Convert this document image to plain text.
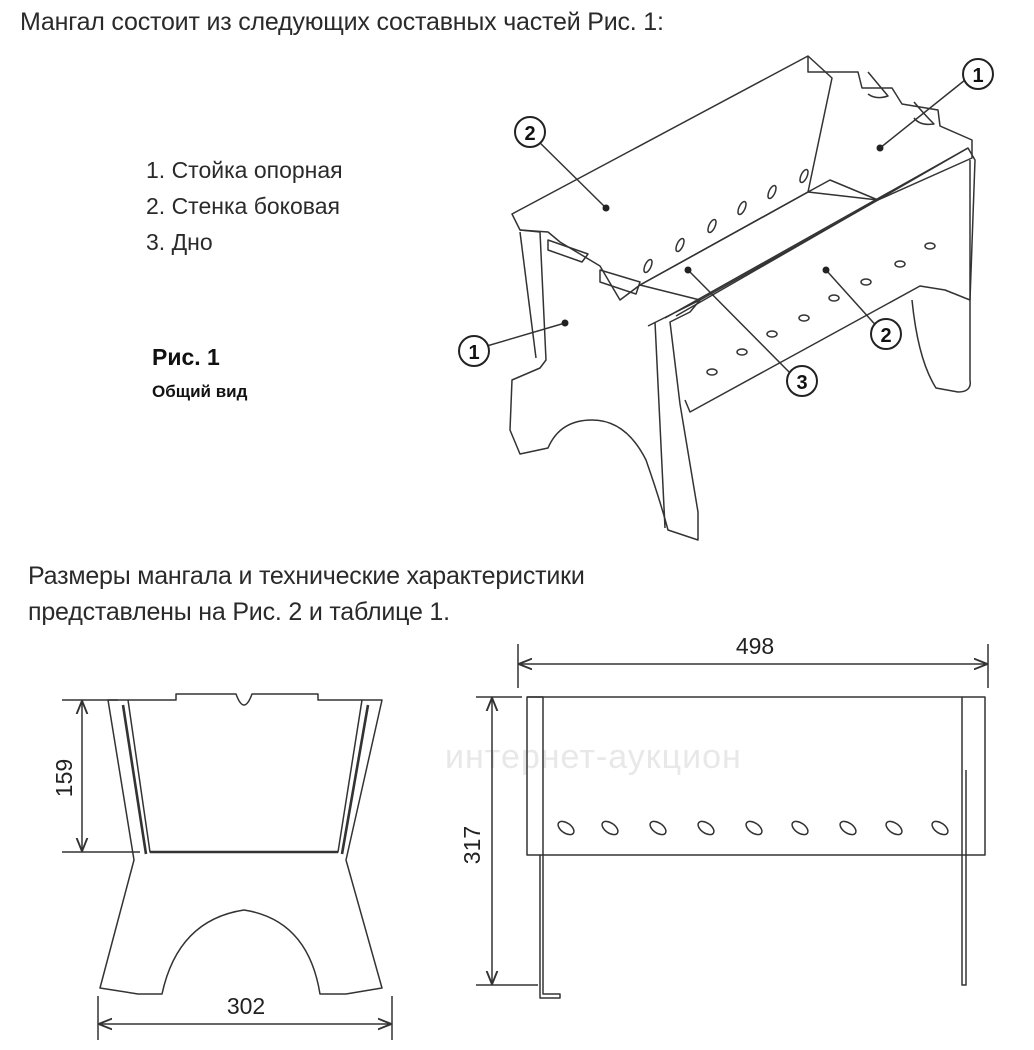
Мангал состоит из следующих составных частей Рис. 1:
1. Стойка опорная
2. Стенка боковая
3. Дно
Рис. 1
Общий вид
Размеры мангала и технические характеристики
представлены на Рис. 2 и таблице 1.
интернет-аукцион
1
2
1
2
3
159
302
498
317
